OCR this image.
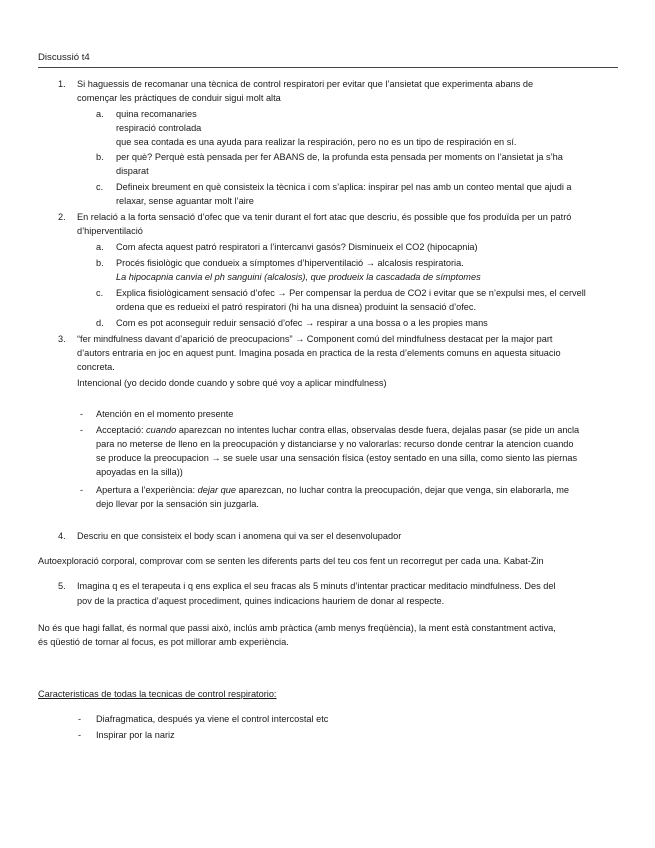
Discussió t4
1. Si haguessis de recomanar una tècnica de control respiratori per evitar que l’ansietat que experimenta abans de
començar les pràctiques de conduir sigui molt alta
a. quina recomanaries
respiració controlada
que sea contada es una ayuda para realizar la respiración, pero no es un tipo de respiración en sí.
b. per què? Perquè està pensada per fer ABANS de, la profunda esta pensada per moments on l’ansietat ja s’ha
disparat
c. Defineix breument en què consisteix la tècnica i com s’aplica: inspirar pel nas amb un conteo mental que ajudi a
relaxar, sense aguantar molt l’aire
2. En relació a la forta sensació d’ofec que va tenir durant el fort atac que descriu, és possible que fos produïda per un patró
d’hiperventilació
a. Com afecta aquest patró respiratori a l’intercanvi gasós? Disminueix el CO2 (hipocapnia)
b. Procés fisiològic que condueix a símptomes d’hiperventilació → alcalosis respiratoria.
La hipocapnia canvia el ph sanguini (alcalosis), que produeix la cascadada de símptomes
c. Explica fisiològicament sensació d’ofec → Per compensar la perdua de CO2 i evitar que se n’expulsi mes, el cervell
ordena que es redueixi el patró respiratori (hi ha una disnea) produint la sensació d’ofec.
d. Com es pot aconseguir reduir sensació d’ofec → respirar a una bossa o a les propies mans
3. “fer mindfulness davant d’aparició de preocupacions” → Component comú del mindfulness destacat per la major part
d’autors entraria en joc en aquest punt. Imagina posada en practica de la resta d’elements comuns en aquesta situacio
concreta.
Intencional (yo decido donde cuando y sobre qué voy a aplicar mindfulness)
- Atención en el momento presente
- Acceptació: cuando aparezcan no intentes luchar contra ellas, observalas desde fuera, dejalas pasar (se pide un ancla
para no meterse de lleno en la preocupación y distanciarse y no valorarlas: recurso donde centrar la atencion cuando
se produce la preocupacion → se suele usar una sensación física (estoy sentado en una silla, como siento las piernas
apoyadas en la silla))
- Apertura a l’experiència: dejar que aparezcan, no luchar contra la preocupación, dejar que venga, sin elaborarla, me
dejo llevar por la sensación sin juzgarla.
4. Descriu en que consisteix el body scan i anomena qui va ser el desenvolupador
Autoexploració corporal, comprovar com se senten les diferents parts del teu cos fent un recorregut per cada una. Kabat-Zin
5. Imagina q es el terapeuta i q ens explica el seu fracas als 5 minuts d’intentar practicar meditacio mindfulness. Des del
pov de la practica d’aquest procediment, quines indicacions hauriem de donar al respecte.
No és que hagi fallat, és normal que passi això, inclús amb pràctica (amb menys freqüència), la ment està constantment activa,
és qüestió de tornar al focus, es pot millorar amb experiència.
Caracteristicas de todas la tecnicas de control respiratorio:
- Diafragmatica, después ya viene el control intercostal etc
- Inspirar por la nariz
